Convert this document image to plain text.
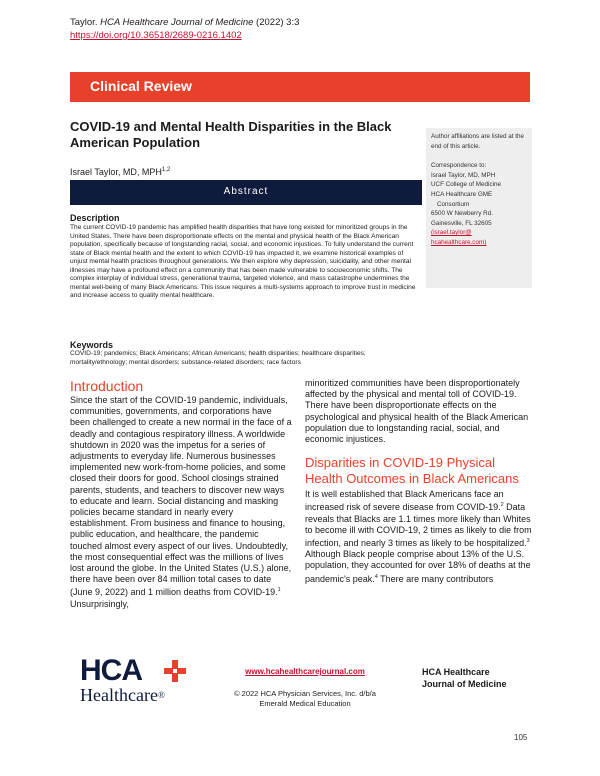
Taylor. HCA Healthcare Journal of Medicine (2022) 3:3
https://doi.org/10.36518/2689-0216.1402
Clinical Review
COVID-19 and Mental Health Disparities in the Black American Population
Israel Taylor, MD, MPH$^{1,2}$
Abstract
Description
The current COVID-19 pandemic has amplified health disparities that have long existed for minoritized groups in the United States. There have been disproportionate effects on the mental and physical health of the Black American population, specifically because of longstanding racial, social, and economic injustices. To fully understand the current state of Black mental health and the extent to which COVID-19 has impacted it, we examine historical examples of unjust mental health practices throughout generations. We then explore why depression, suicidality, and other mental illnesses may have a profound effect on a community that has been made vulnerable to socioeconomic shifts. The complex interplay of individual stress, generational trauma, targeted violence, and mass catastrophe undermines the mental well-being of many Black Americans. This issue requires a multi-systems approach to improve trust in medicine and increase access to quality mental healthcare.
Author affiliations are listed at the end of this article.
Correspondence to:
Israel Taylor, MD, MPH
UCF College of Medicine
HCA Healthcare GME
Consortium
6500 W Newberry Rd.
Gainesville, FL 32605
(israel.taylor@
hcahealthcare.com)
Keywords
COVID-19; pandemics; Black Americans; African Americans; health disparities; healthcare disparities; mortality/ethnology; mental disorders; substance-related disorders; race factors
Introduction
Since the start of the COVID-19 pandemic, individuals, communities, governments, and corporations have been challenged to create a new normal in the face of a deadly and contagious respiratory illness. A worldwide shutdown in 2020 was the impetus for a series of adjustments to everyday life. Numerous businesses implemented new work-from-home policies, and some closed their doors for good. School closings strained parents, students, and teachers to discover new ways to educate and learn. Social distancing and masking policies became standard in nearly every establishment. From business and finance to housing, public education, and healthcare, the pandemic touched almost every aspect of our lives. Undoubtedly, the most consequential effect was the millions of lives lost around the globe. In the United States (U.S.) alone, there have been over 84 million total cases to date (June 9, 2022) and 1 million deaths from COVID-19.$^1$ Unsurprisingly,
minoritized communities have been disproportionately affected by the physical and mental toll of COVID-19. There have been disproportionate effects on the psychological and physical health of the Black American population due to longstanding racial, social, and economic injustices.
Disparities in COVID-19 Physical Health Outcomes in Black Americans
It is well established that Black Americans face an increased risk of severe disease from COVID-19.$^2$ Data reveals that Blacks are 1.1 times more likely than Whites to become ill with COVID-19, 2 times as likely to die from infection, and nearly 3 times as likely to be hospitalized.$^3$ Although Black people comprise about 13% of the U.S. population, they accounted for over 18% of deaths at the pandemic's peak.$^4$ There are many contributors
HCA
Healthcare®
www.hcahealthcarejournal.com
© 2022 HCA Physician Services, Inc. d/b/a
Emerald Medical Education
HCA Healthcare
Journal of Medicine
105
